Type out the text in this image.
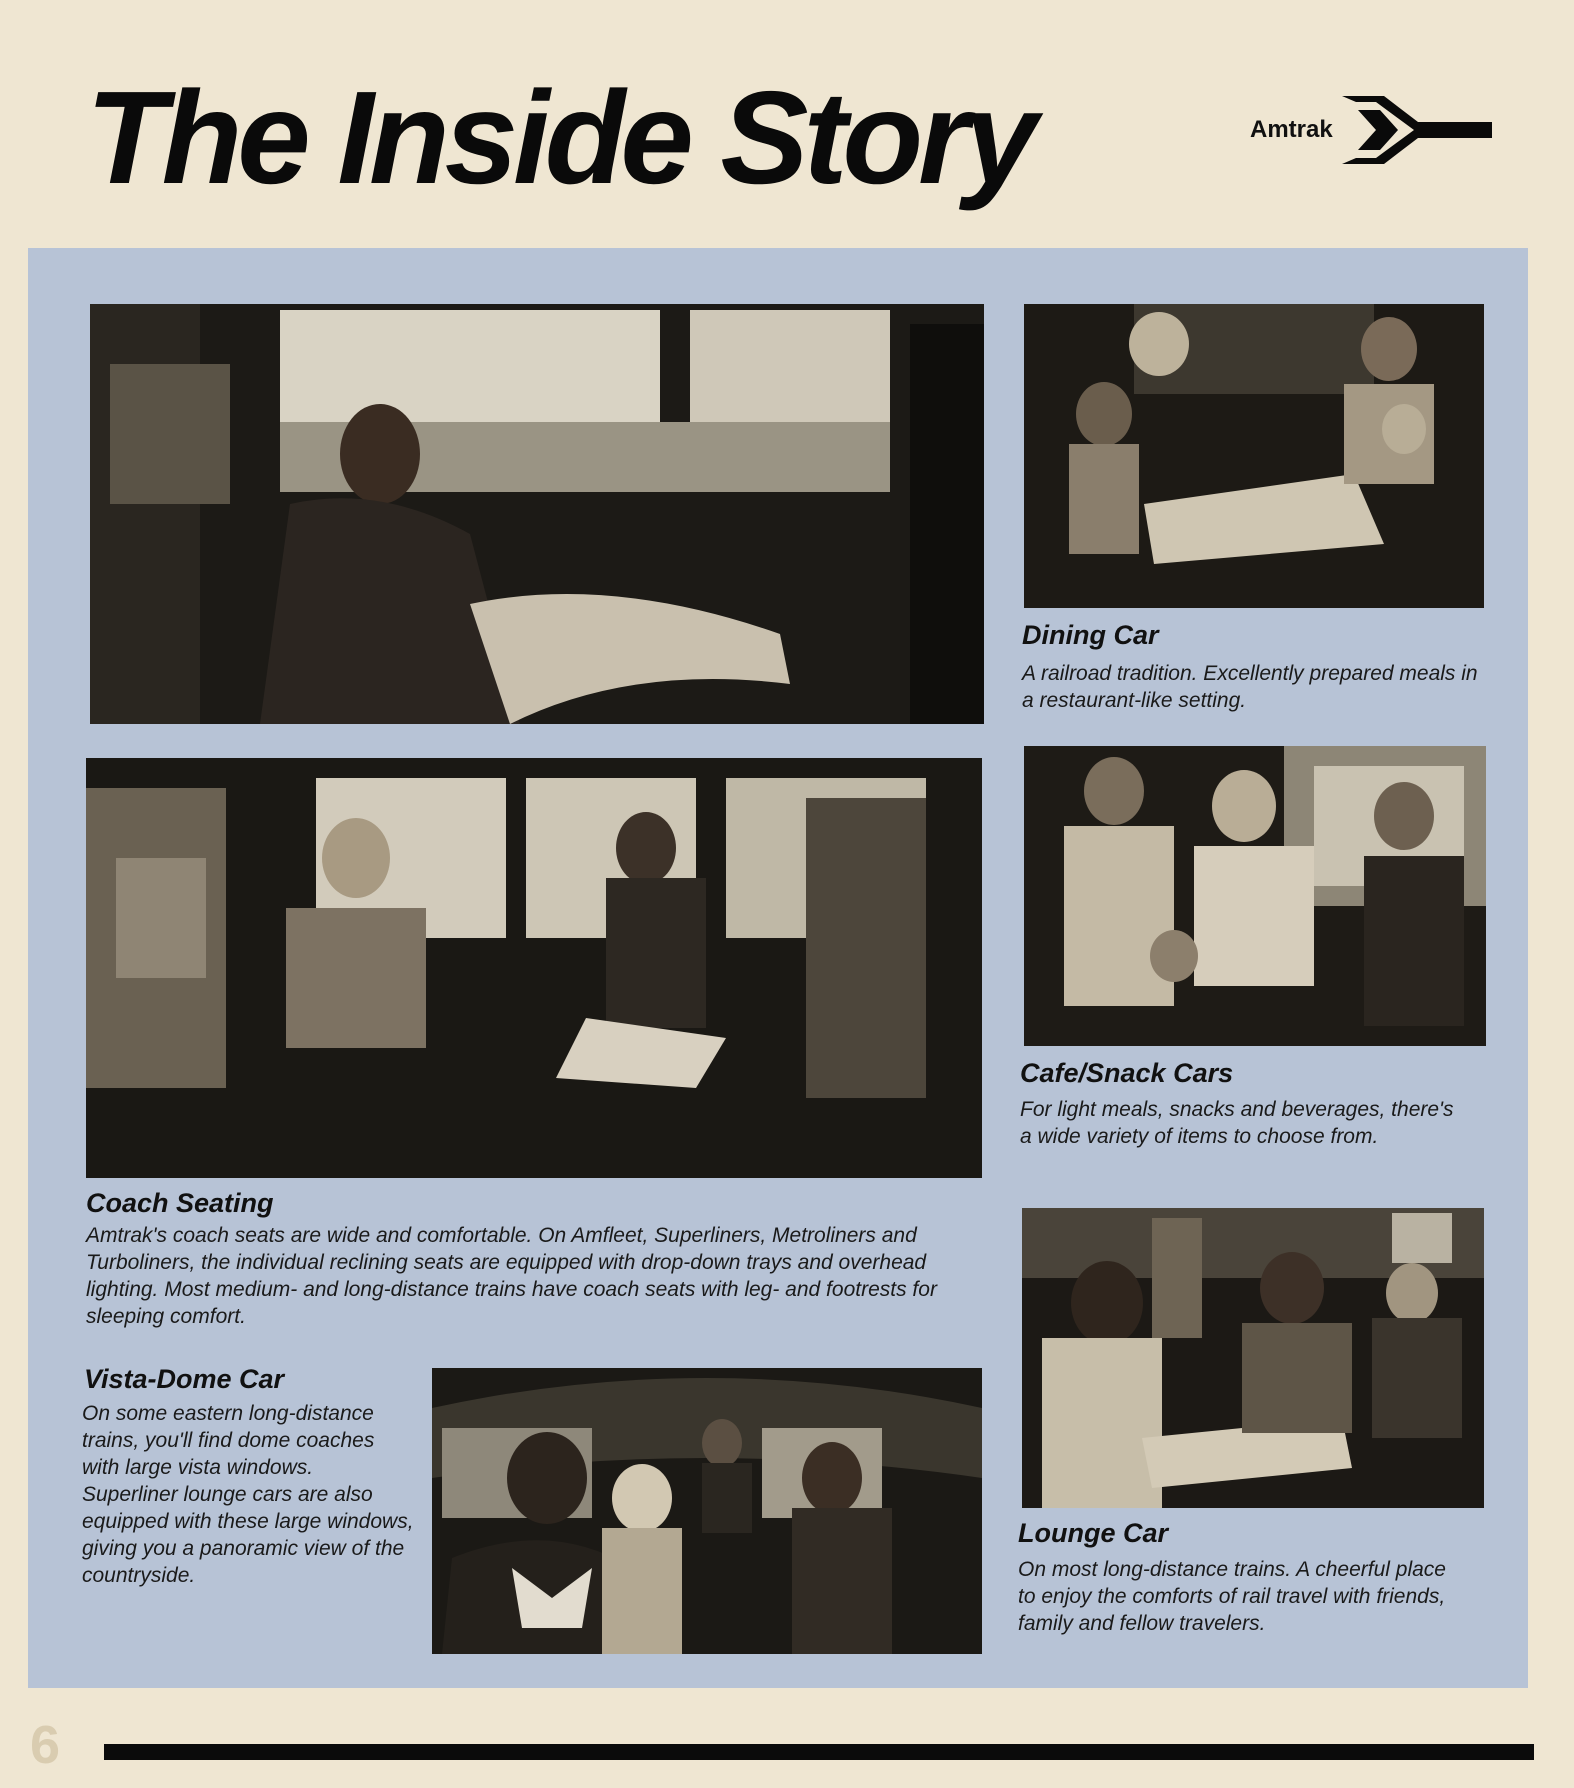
The Inside Story	Amtrak
Dining Car

A railroad tradition. Excellently prepared meals in a restaurant-like setting.

Cafe/Snack Cars

For light meals, snacks and beverages, there's a wide variety of items to choose from.

Coach Seating

Amtrak's coach seats are wide and comfortable. On Amfleet, Superliners, Metroliners and Turboliners, the individual reclining seats are equipped with drop-down trays and overhead lighting. Most medium- and long-distance trains have coach seats with leg- and footrests for sleeping comfort.

Vista-Dome Car

On some eastern long-distance trains, you'll find dome coaches with large vista windows. Superliner lounge cars are also equipped with these large windows, giving you a panoramic view of the countryside.

Lounge Car

On most long-distance trains. A cheerful place to enjoy the comforts of rail travel with friends, family and fellow travelers.

6
